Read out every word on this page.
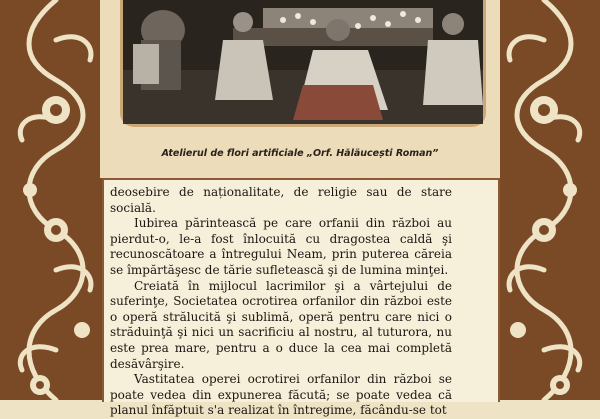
Atelierul de flori artificiale „Orf. Hăläucești Roman”

deosebire de naționalitate, de religie sau de stare socială.

Iubirea părintească pe care orfanii din război au pierdut-o, le-a fost înlocuită cu dragostea caldă şi recunoscătoare a întregului Neam, prin puterea căreia se împărtăşesc de tărie sufletească şi de lumina minţei.

Creiată în mijlocul lacrimilor şi a vârtejului de suferinţe, Societatea ocrotirea orfanilor din război este o operă strălucită şi sublimă, operă pentru care nici o străduinţă şi nici un sacrificiu al nostru, al tuturora, nu este prea mare, pentru a o duce la cea mai completă desăvârşire.

Vastitatea operei ocrotirei orfanilor din război se poate vedea din expunerea făcută; se poate vedea că planul înfăptuit s'a realizat în întregime, făcându-se tot
